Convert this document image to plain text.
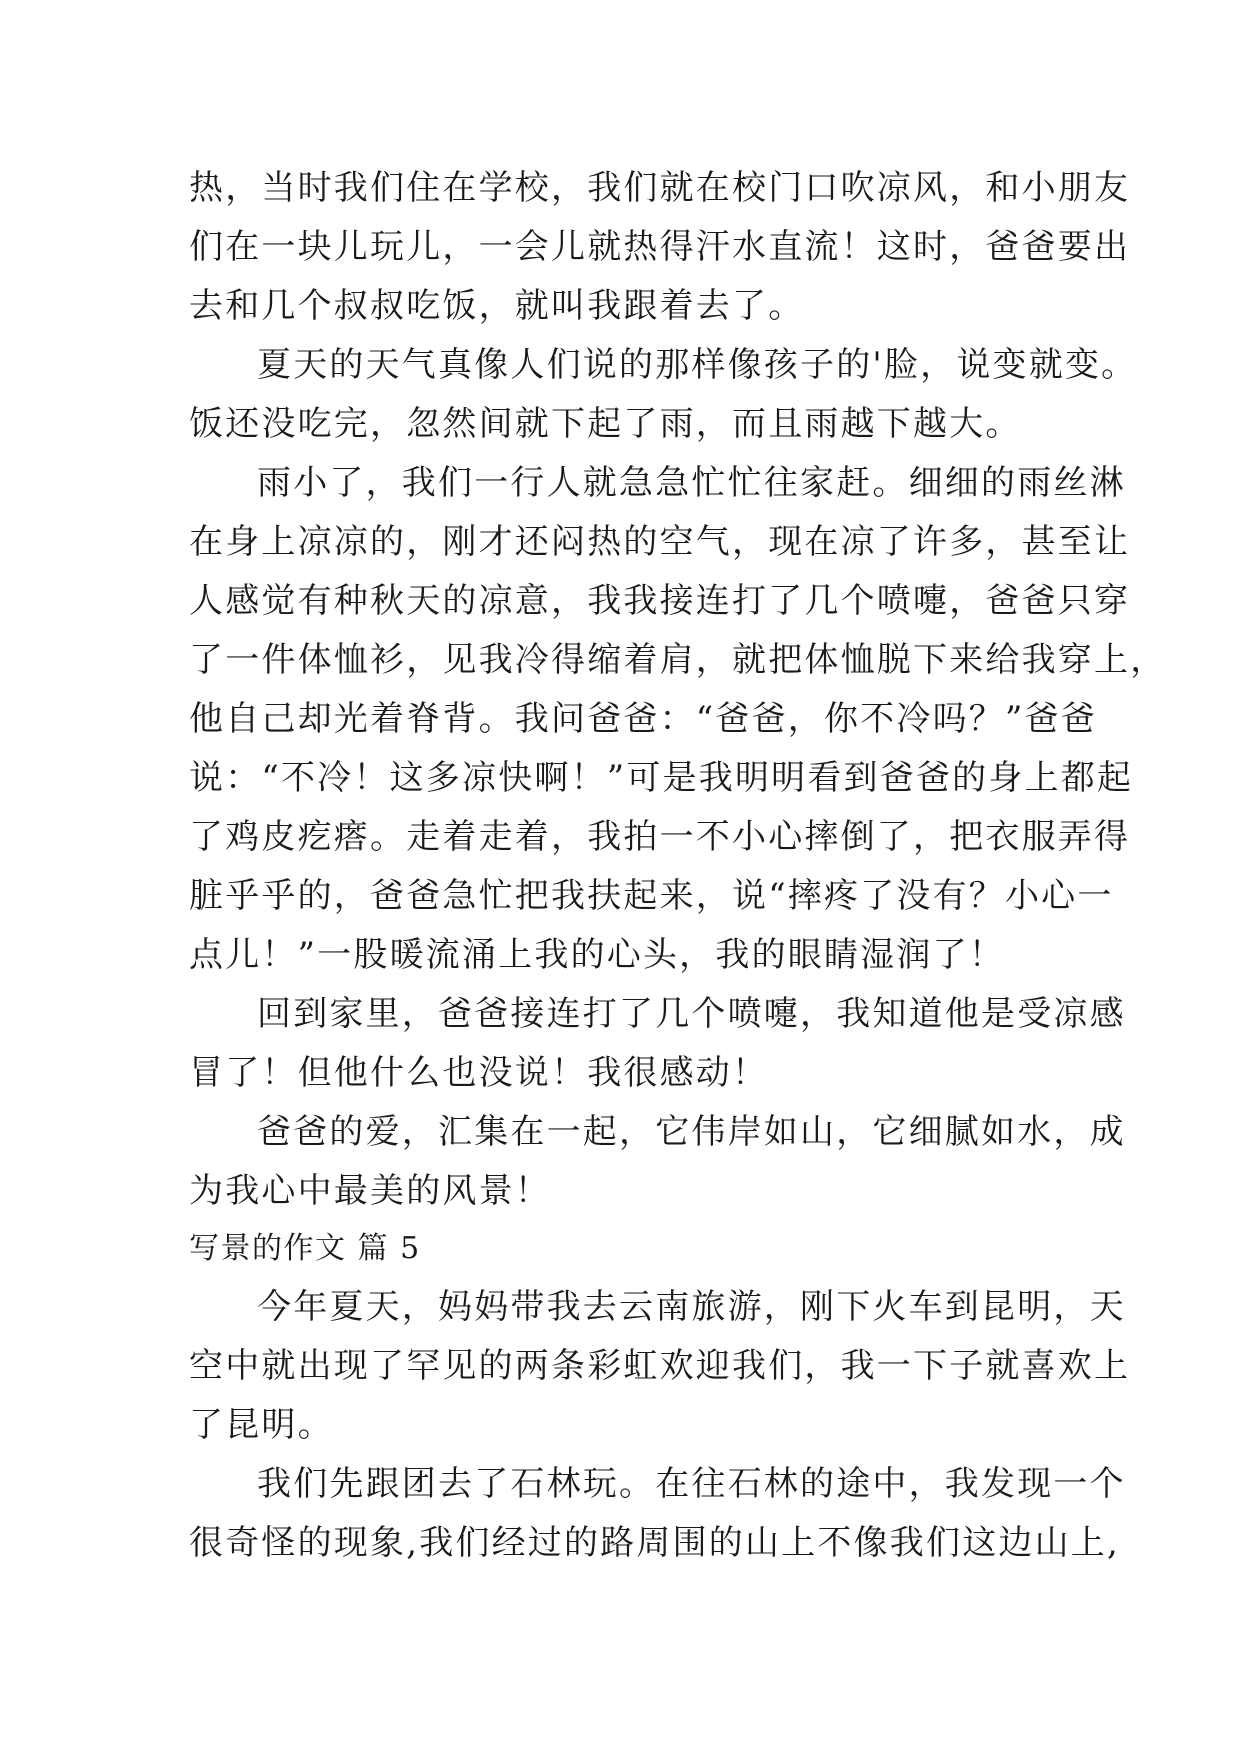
热，当时我们住在学校，我们就在校门口吹凉风，和小朋友
们在一块儿玩儿，一会儿就热得汗水直流！这时，爸爸要出
去和几个叔叔吃饭，就叫我跟着去了。
夏天的天气真像人们说的那样像孩子的'脸，说变就变。
饭还没吃完，忽然间就下起了雨，而且雨越下越大。
雨小了，我们一行人就急急忙忙往家赶。细细的雨丝淋
在身上凉凉的，刚才还闷热的空气，现在凉了许多，甚至让
人感觉有种秋天的凉意，我我接连打了几个喷嚏，爸爸只穿
了一件体恤衫，见我冷得缩着肩，就把体恤脱下来给我穿上，
他自己却光着脊背。我问爸爸：“爸爸，你不冷吗？”爸爸
说：“不冷！这多凉快啊！”可是我明明看到爸爸的身上都起
了鸡皮疙瘩。走着走着，我拍一不小心摔倒了，把衣服弄得
脏乎乎的，爸爸急忙把我扶起来，说“摔疼了没有？小心一
点儿！”一股暖流涌上我的心头，我的眼睛湿润了！
回到家里，爸爸接连打了几个喷嚏，我知道他是受凉感
冒了！但他什么也没说！我很感动！
爸爸的爱，汇集在一起，它伟岸如山，它细腻如水，成
为我心中最美的风景！
写景的作文 篇 5
今年夏天，妈妈带我去云南旅游，刚下火车到昆明，天
空中就出现了罕见的两条彩虹欢迎我们，我一下子就喜欢上
了昆明。
我们先跟团去了石林玩。在往石林的途中，我发现一个
很奇怪的现象,我们经过的路周围的山上不像我们这边山上,
